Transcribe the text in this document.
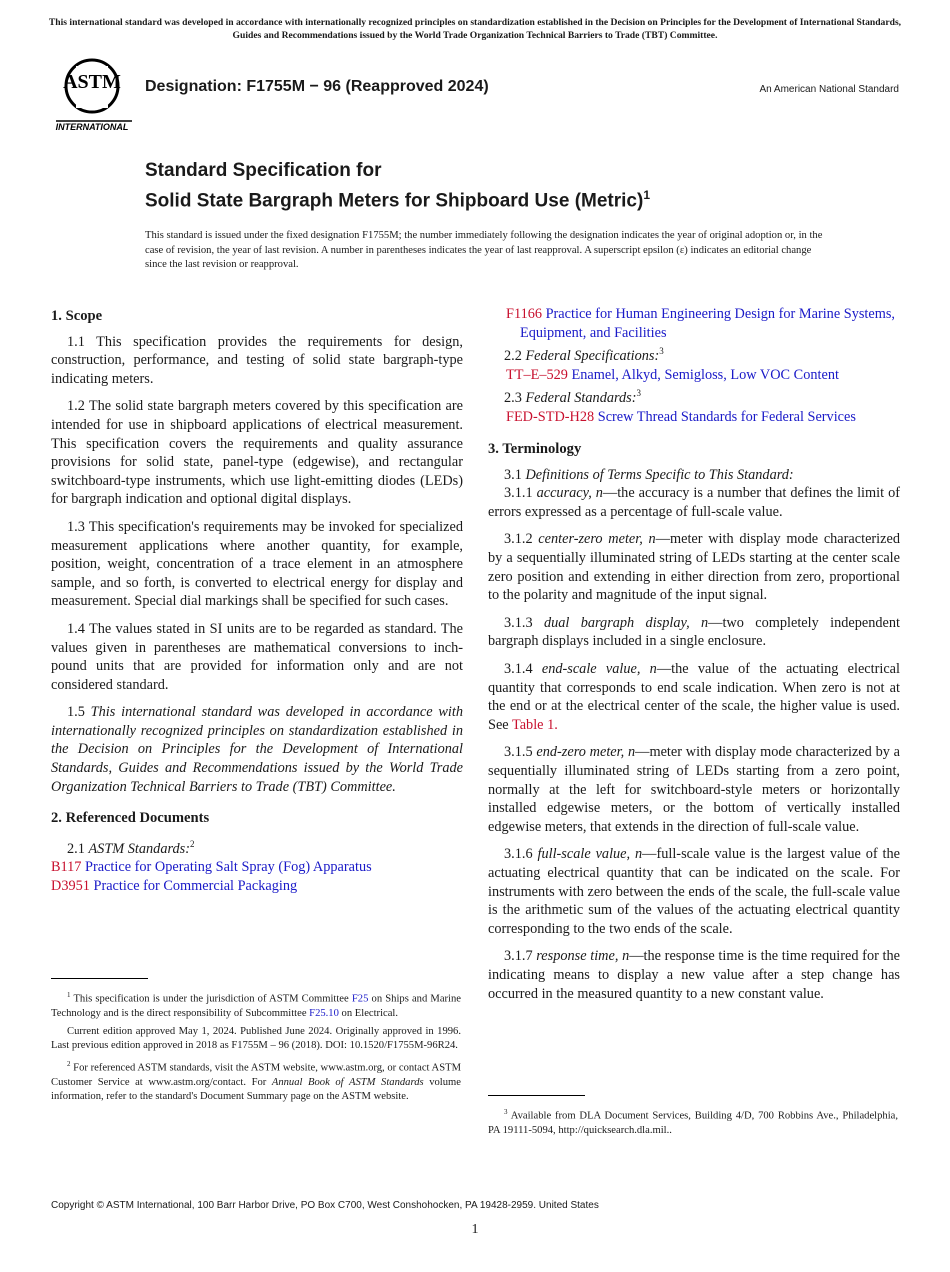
This international standard was developed in accordance with internationally recognized principles on standardization established in the Decision on Principles for the Development of International Standards, Guides and Recommendations issued by the World Trade Organization Technical Barriers to Trade (TBT) Committee.
ASTM
INTERNATIONAL
Designation: F1755M − 96 (Reapproved 2024)	An American National Standard
Standard Specification for
Solid State Bargraph Meters for Shipboard Use (Metric)$^1$
This standard is issued under the fixed designation F1755M; the number immediately following the designation indicates the year of original adoption or, in the case of revision, the year of last revision. A number in parentheses indicates the year of last reapproval. A superscript epsilon (ε) indicates an editorial change since the last revision or reapproval.
1. Scope

1.1 This specification provides the requirements for design, construction, performance, and testing of solid state bargraph-type indicating meters.

1.2 The solid state bargraph meters covered by this specification are intended for use in shipboard applications of electrical measurement. This specification covers the requirements and quality assurance provisions for solid state, panel-type (edgewise), and rectangular switchboard-type instruments, which use light-emitting diodes (LEDs) for bargraph indication and optional digital displays.

1.3 This specification's requirements may be invoked for specialized measurement applications where another quantity, for example, position, weight, concentration of a trace element in an atmosphere sample, and so forth, is converted to electrical energy for display and measurement. Special dial markings shall be specified for such cases.

1.4 The values stated in SI units are to be regarded as standard. The values given in parentheses are mathematical conversions to inch-pound units that are provided for information only and are not considered standard.

1.5 This international standard was developed in accordance with internationally recognized principles on standardization established in the Decision on Principles for the Development of International Standards, Guides and Recommendations issued by the World Trade Organization Technical Barriers to Trade (TBT) Committee.

2. Referenced Documents

2.1 ASTM Standards:$^2$

B117 Practice for Operating Salt Spray (Fog) Apparatus

D3951 Practice for Commercial Packaging

$^1$ This specification is under the jurisdiction of ASTM Committee F25 on Ships and Marine Technology and is the direct responsibility of Subcommittee F25.10 on Electrical.

Current edition approved May 1, 2024. Published June 2024. Originally approved in 1996. Last previous edition approved in 2018 as F1755M – 96 (2018). DOI: 10.1520/F1755M-96R24.

$^2$ For referenced ASTM standards, visit the ASTM website, www.astm.org, or contact ASTM Customer Service at www.astm.org/contact. For Annual Book of ASTM Standards volume information, refer to the standard's Document Summary page on the ASTM website.

F1166 Practice for Human Engineering Design for Marine Systems, Equipment, and Facilities

2.2 Federal Specifications:$^3$

TT–E–529 Enamel, Alkyd, Semigloss, Low VOC Content

2.3 Federal Standards:$^3$

FED-STD-H28 Screw Thread Standards for Federal Services

3. Terminology

3.1 Definitions of Terms Specific to This Standard:

3.1.1 accuracy, n—the accuracy is a number that defines the limit of errors expressed as a percentage of full-scale value.

3.1.2 center-zero meter, n—meter with display mode characterized by a sequentially illuminated string of LEDs starting at the center scale zero position and extending in either direction from zero, proportional to the polarity and magnitude of the input signal.

3.1.3 dual bargraph display, n—two completely independent bargraph displays included in a single enclosure.

3.1.4 end-scale value, n—the value of the actuating electrical quantity that corresponds to end scale indication. When zero is not at the end or at the electrical center of the scale, the higher value is used. See Table 1.

3.1.5 end-zero meter, n—meter with display mode characterized by a sequentially illuminated string of LEDs starting from a zero point, normally at the left for switchboard-style meters or horizontally installed edgewise meters, or the bottom of vertically installed edgewise meters, that extends in the direction of full-scale value.

3.1.6 full-scale value, n—full-scale value is the largest value of the actuating electrical quantity that can be indicated on the scale. For instruments with zero between the ends of the scale, the full-scale value is the arithmetic sum of the values of the actuating electrical quantity corresponding to the two ends of the scale.

3.1.7 response time, n—the response time is the time required for the indicating means to display a new value after a step change has occurred in the measured quantity to a new constant value.

$^3$ Available from DLA Document Services, Building 4/D, 700 Robbins Ave., Philadelphia, PA 19111-5094, http://quicksearch.dla.mil..

Copyright © ASTM International, 100 Barr Harbor Drive, PO Box C700, West Conshohocken, PA 19428-2959. United States
1
